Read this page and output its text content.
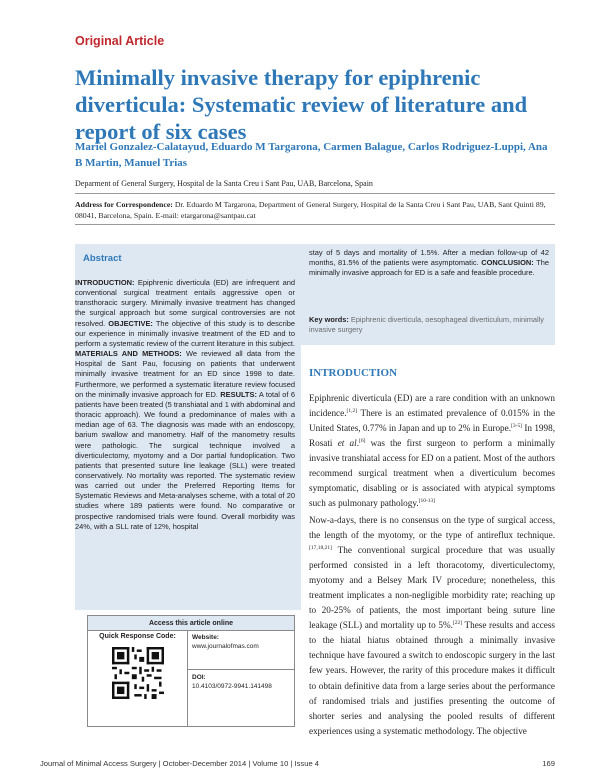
Original Article
Minimally invasive therapy for epiphrenic diverticula: Systematic review of literature and report of six cases
Mariel Gonzalez-Calatayud, Eduardo M Targarona, Carmen Balague, Carlos Rodriguez-Luppi, Ana B Martin, Manuel Trias
Deparment of General Surgery, Hospital de la Santa Creu i Sant Pau, UAB, Barcelona, Spain
Address for Correspondence: Dr. Eduardo M Targarona, Department of General Surgery, Hospital de la Santa Creu i Sant Pau, UAB, Sant Quinti 89, 08041, Barcelona, Spain. E-mail: etargarona@santpau.cat
Abstract

INTRODUCTION: Epiphrenic diverticula (ED) are infrequent and conventional surgical treatment entails aggressive open or transthoracic surgery. Minimally invasive treatment has changed the surgical approach but some surgical controversies are not resolved. OBJECTIVE: The objective of this study is to describe our experience in minimally invasive treatment of the ED and to perform a systematic review of the current literature in this subject. MATERIALS AND METHODS: We reviewed all data from the Hospital de Sant Pau, focusing on patients that underwent minimally invasive treatment for an ED since 1998 to date. Furthermore, we performed a systematic literature review focused on the minimally invasive approach for ED. RESULTS: A total of 6 patients have been treated (5 transhiatal and 1 with abdominal and thoracic approach). We found a predominance of males with a median age of 63. The diagnosis was made with an endoscopy, barium swallow and manometry. Half of the manometry results were pathologic. The surgical technique involved a diverticulectomy, myotomy and a Dor partial fundoplication. Two patients that presented suture line leakage (SLL) were treated conservatively. No mortality was reported. The systematic review was carried out under the Preferred Reporting Items for Systematic Reviews and Meta-analyses scheme, with a total of 20 studies where 189 patients were found. No comparative or prospective randomised trials were found. Overall morbidity was 24%, with a SLL rate of 12%, hospital

stay of 5 days and mortality of 1.5%. After a median follow-up of 42 months, 81.5% of the patients were asymptomatic. CONCLUSION: The minimally invasive approach for ED is a safe and feasible procedure.

Key words: Epiphrenic diverticula, oesophageal diverticulum, minimally invasive surgery
Access this article online
Quick Response Code:	Website:
www.journalofmas.com
DOI:
10.4103/0972-9941.141498
INTRODUCTION
Epiphrenic diverticula (ED) are a rare condition with an unknown incidence.[1,2] There is an estimated prevalence of 0.015% in the United States, 0.77% in Japan and up to 2% in Europe.[3-5] In 1998, Rosati et al.[6] was the first surgeon to perform a minimally invasive transhiatal access for ED on a patient. Most of the authors recommend surgical treatment when a diverticulum becomes symptomatic, disabling or is associated with atypical symptoms such as pulmonary pathology.[10-13]
Now-a-days, there is no consensus on the type of surgical access, the length of the myotomy, or the type of antireflux technique.[17,18,21] The conventional surgical procedure that was usually performed consisted in a left thoracotomy, diverticulectomy, myotomy and a Belsey Mark IV procedure; nonetheless, this treatment implicates a non-negligible morbidity rate; reaching up to 20-25% of patients, the most important being suture line leakage (SLL) and mortality up to 5%.[22] These results and access to the hiatal hiatus obtained through a minimally invasive technique have favoured a switch to endoscopic surgery in the last few years. However, the rarity of this procedure makes it difficult to obtain definitive data from a large series about the performance of randomised trials and justifies presenting the outcome of shorter series and analysing the pooled results of different experiences using a systematic methodology. The objective
Journal of Minimal Access Surgery | October-December 2014 | Volume 10 | Issue 4	169
